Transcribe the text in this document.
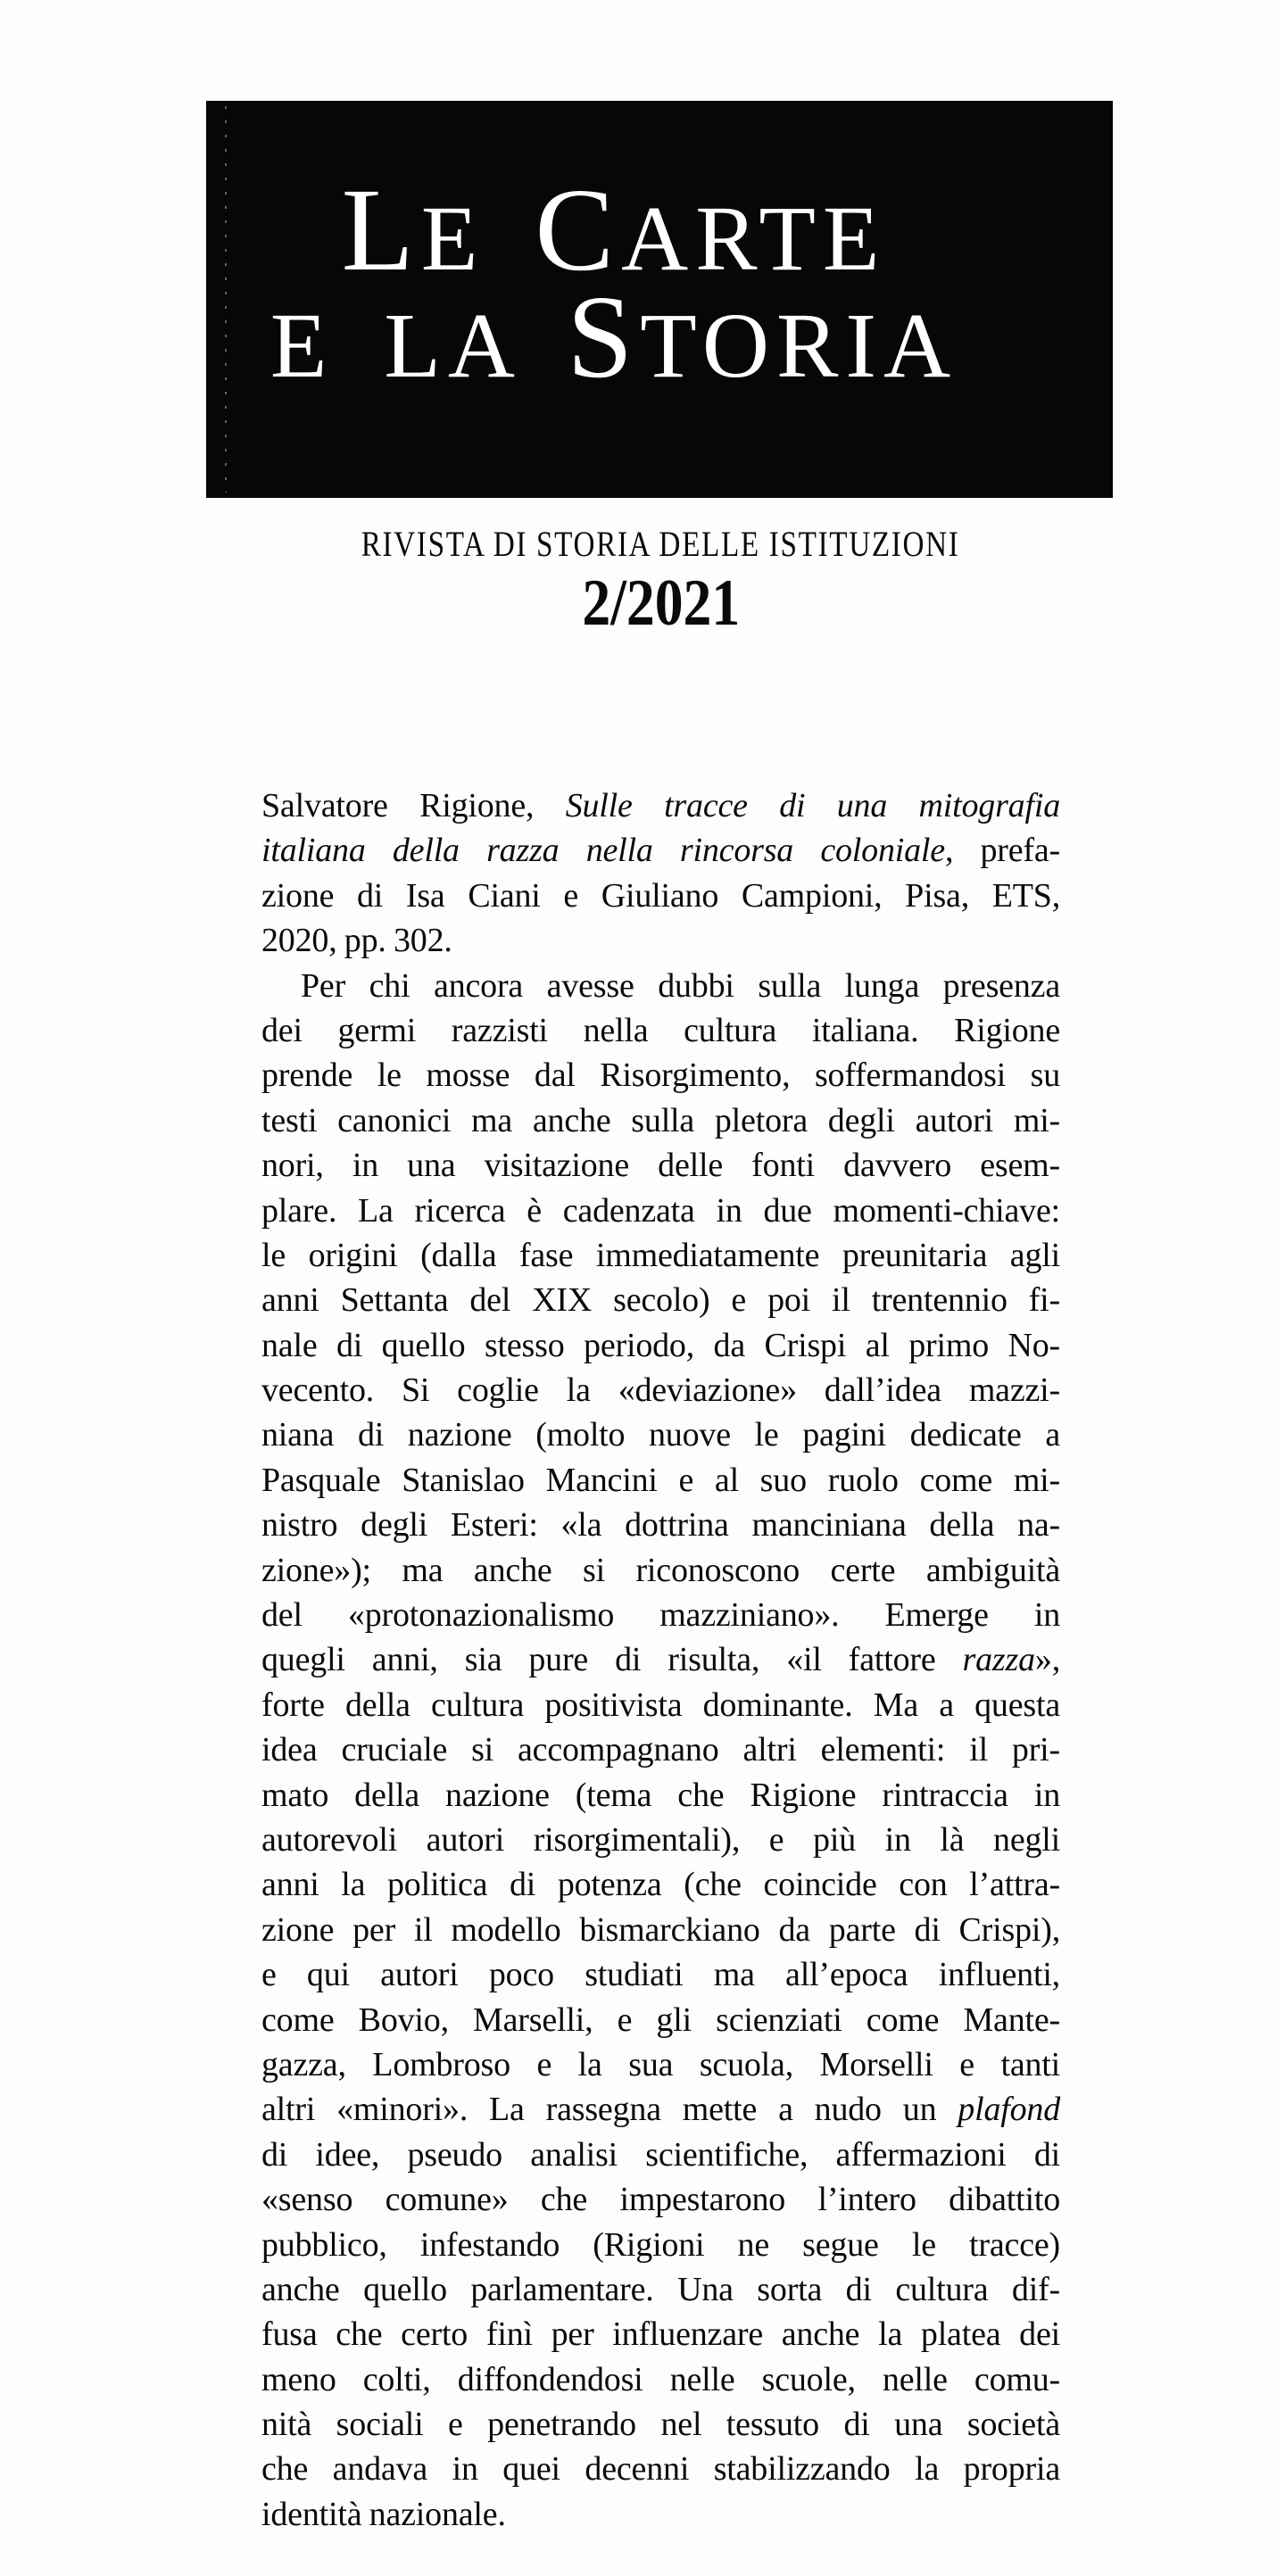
LE CARTE
E LA STORIA
RIVISTA DI STORIA DELLE ISTITUZIONI
2/2021
Salvatore Rigione, Sulle tracce di una mitografia
italiana della razza nella rincorsa coloniale, prefa-
zione di Isa Ciani e Giuliano Campioni, Pisa, ETS,
2020, pp. 302.
Per chi ancora avesse dubbi sulla lunga presenza
dei germi razzisti nella cultura italiana. Rigione
prende le mosse dal Risorgimento, soffermandosi su
testi canonici ma anche sulla pletora degli autori mi-
nori, in una visitazione delle fonti davvero esem-
plare. La ricerca è cadenzata in due momenti-chiave:
le origini (dalla fase immediatamente preunitaria agli
anni Settanta del XIX secolo) e poi il trentennio fi-
nale di quello stesso periodo, da Crispi al primo No-
vecento. Si coglie la «deviazione» dall’idea mazzi-
niana di nazione (molto nuove le pagini dedicate a
Pasquale Stanislao Mancini e al suo ruolo come mi-
nistro degli Esteri: «la dottrina manciniana della na-
zione»); ma anche si riconoscono certe ambiguità
del «protonazionalismo mazziniano». Emerge in
quegli anni, sia pure di risulta, «il fattore razza»,
forte della cultura positivista dominante. Ma a questa
idea cruciale si accompagnano altri elementi: il pri-
mato della nazione (tema che Rigione rintraccia in
autorevoli autori risorgimentali), e più in là negli
anni la politica di potenza (che coincide con l’attra-
zione per il modello bismarckiano da parte di Crispi),
e qui autori poco studiati ma all’epoca influenti,
come Bovio, Marselli, e gli scienziati come Mante-
gazza, Lombroso e la sua scuola, Morselli e tanti
altri «minori». La rassegna mette a nudo un plafond
di idee, pseudo analisi scientifiche, affermazioni di
«senso comune» che impestarono l’intero dibattito
pubblico, infestando (Rigioni ne segue le tracce)
anche quello parlamentare. Una sorta di cultura dif-
fusa che certo finì per influenzare anche la platea dei
meno colti, diffondendosi nelle scuole, nelle comu-
nità sociali e penetrando nel tessuto di una società
che andava in quei decenni stabilizzando la propria
identità nazionale.
